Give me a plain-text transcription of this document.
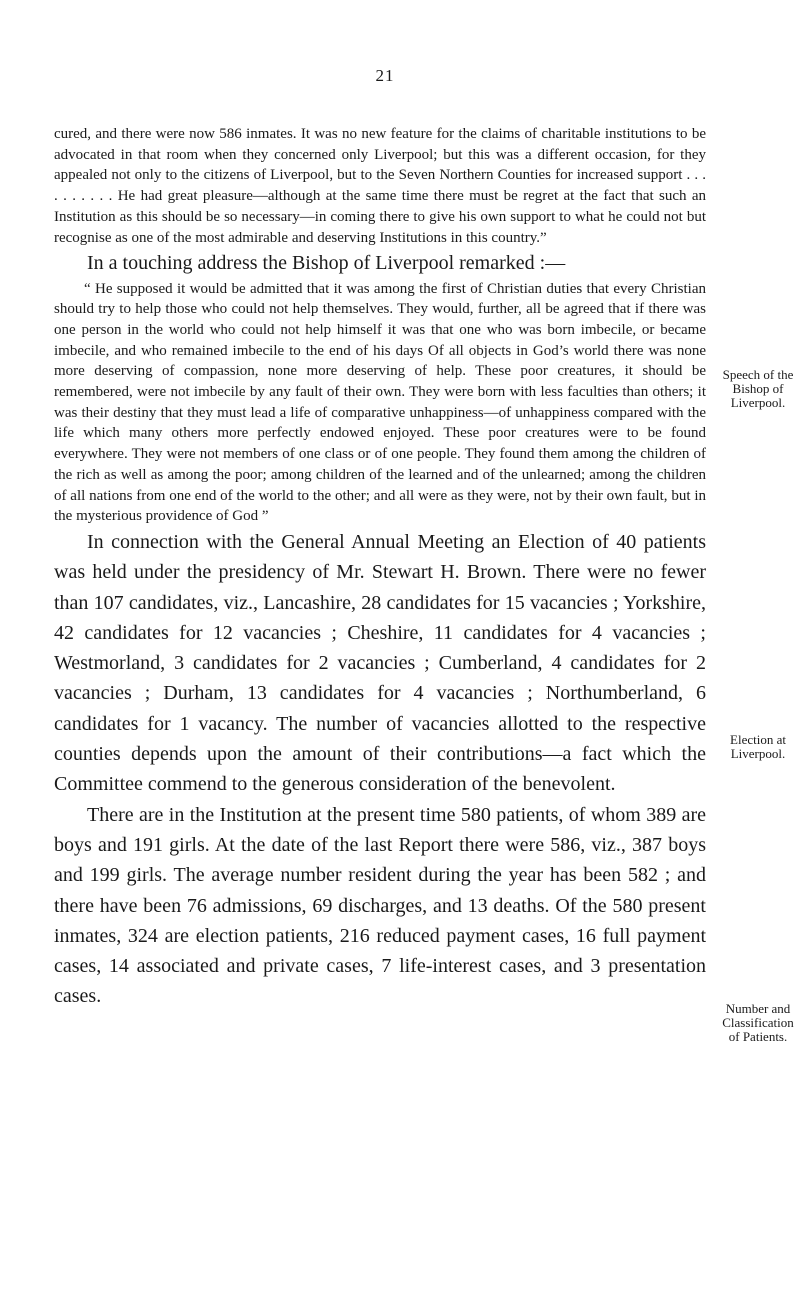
21

cured, and there were now 586 inmates. It was no new feature for the claims of charitable institutions to be advocated in that room when they concerned only Liverpool; but this was a different occasion, for they appealed not only to the citizens of Liverpool, but to the Seven Northern Counties for increased support . . . . . . . . . . He had great pleasure—although at the same time there must be regret at the fact that such an Institution as this should be so necessary—in coming there to give his own support to what he could not but recognise as one of the most admirable and deserving Institutions in this country.”

In a touching address the Bishop of Liverpool remarked :—

“ He supposed it would be admitted that it was among the first of Christian duties that every Christian should try to help those who could not help themselves. They would, further, all be agreed that if there was one person in the world who could not help himself it was that one who was born imbecile, or became imbecile, and who remained imbecile to the end of his days Of all objects in God’s world there was none more deserving of compassion, none more deserving of help. These poor creatures, it should be remembered, were not imbecile by any fault of their own. They were born with less faculties than others; it was their destiny that they must lead a life of comparative unhappiness—of unhappiness compared with the life which many others more perfectly endowed enjoyed. These poor creatures were to be found everywhere. They were not members of one class or of one people. They found them among the children of the rich as well as among the poor; among children of the learned and of the unlearned; among the children of all nations from one end of the world to the other; and all were as they were, not by their own fault, but in the mysterious providence of God ”

In connection with the General Annual Meeting an Election of 40 patients was held under the presidency of Mr. Stewart H. Brown. There were no fewer than 107 candidates, viz., Lancashire, 28 candidates for 15 vacancies ; Yorkshire, 42 candidates for 12 vacancies ; Cheshire, 11 candidates for 4 vacancies ; Westmorland, 3 candidates for 2 vacancies ; Cumberland, 4 candidates for 2 vacancies ; Durham, 13 candidates for 4 vacancies ; Northumberland, 6 candidates for 1 vacancy. The number of vacancies allotted to the respective counties depends upon the amount of their contributions—a fact which the Committee commend to the generous consideration of the benevolent.

There are in the Institution at the present time 580 patients, of whom 389 are boys and 191 girls. At the date of the last Report there were 586, viz., 387 boys and 199 girls. The average number resident during the year has been 582 ; and there have been 76 admissions, 69 discharges, and 13 deaths. Of the 580 present inmates, 324 are election patients, 216 reduced payment cases, 16 full payment cases, 14 associated and private cases, 7 life-interest cases, and 3 presentation cases.

Speech of the Bishop of Liverpool.
Election at Liverpool.
Number and Classification of Patients.
